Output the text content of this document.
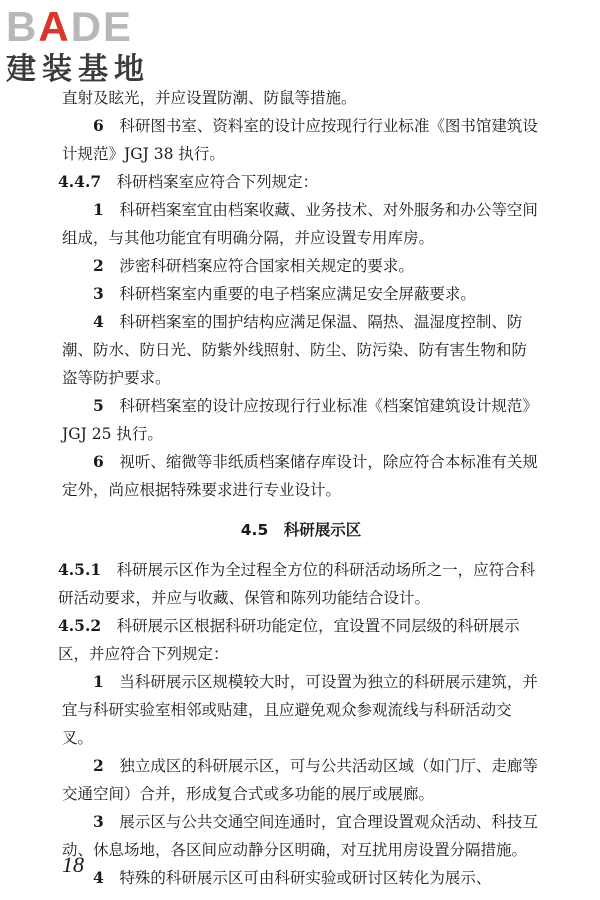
BADE
建装基地

直射及眩光，并应设置防潮、防鼠等措施。

6　 科研图书室、资料室的设计应按现行行业标准《图书馆建筑设计规范》JGJ 38 执行。

4.4.7　 科研档案室应符合下列规定：

1　 科研档案室宜由档案收藏、业务技术、对外服务和办公等空间组成，与其他功能宜有明确分隔，并应设置专用库房。

2　 涉密科研档案应符合国家相关规定的要求。

3　 科研档案室内重要的电子档案应满足安全屏蔽要求。

4　 科研档案室的围护结构应满足保温、隔热、温湿度控制、防潮、防水、防日光、防紫外线照射、防尘、防污染、防有害生物和防盗等防护要求。

5　 科研档案室的设计应按现行行业标准《档案馆建筑设计规范》JGJ 25 执行。

6　 视听、缩微等非纸质档案储存库设计，除应符合本标准有关规定外，尚应根据特殊要求进行专业设计。

4.5　科研展示区

4.5.1　 科研展示区作为全过程全方位的科研活动场所之一，应符合科研活动要求，并应与收藏、保管和陈列功能结合设计。

4.5.2　 科研展示区根据科研功能定位，宜设置不同层级的科研展示区，并应符合下列规定：

1　 当科研展示区规模较大时，可设置为独立的科研展示建筑，并宜与科研实验室相邻或贴建，且应避免观众参观流线与科研活动交叉。

2　 独立成区的科研展示区，可与公共活动区域（如门厅、走廊等交通空间）合并，形成复合式或多功能的展厅或展廊。

3　 展示区与公共交通空间连通时，宜合理设置观众活动、科技互动、休息场地，各区间应动静分区明确，对互扰用房设置分隔措施。

4　 特殊的科研展示区可由科研实验或研讨区转化为展示、

18
